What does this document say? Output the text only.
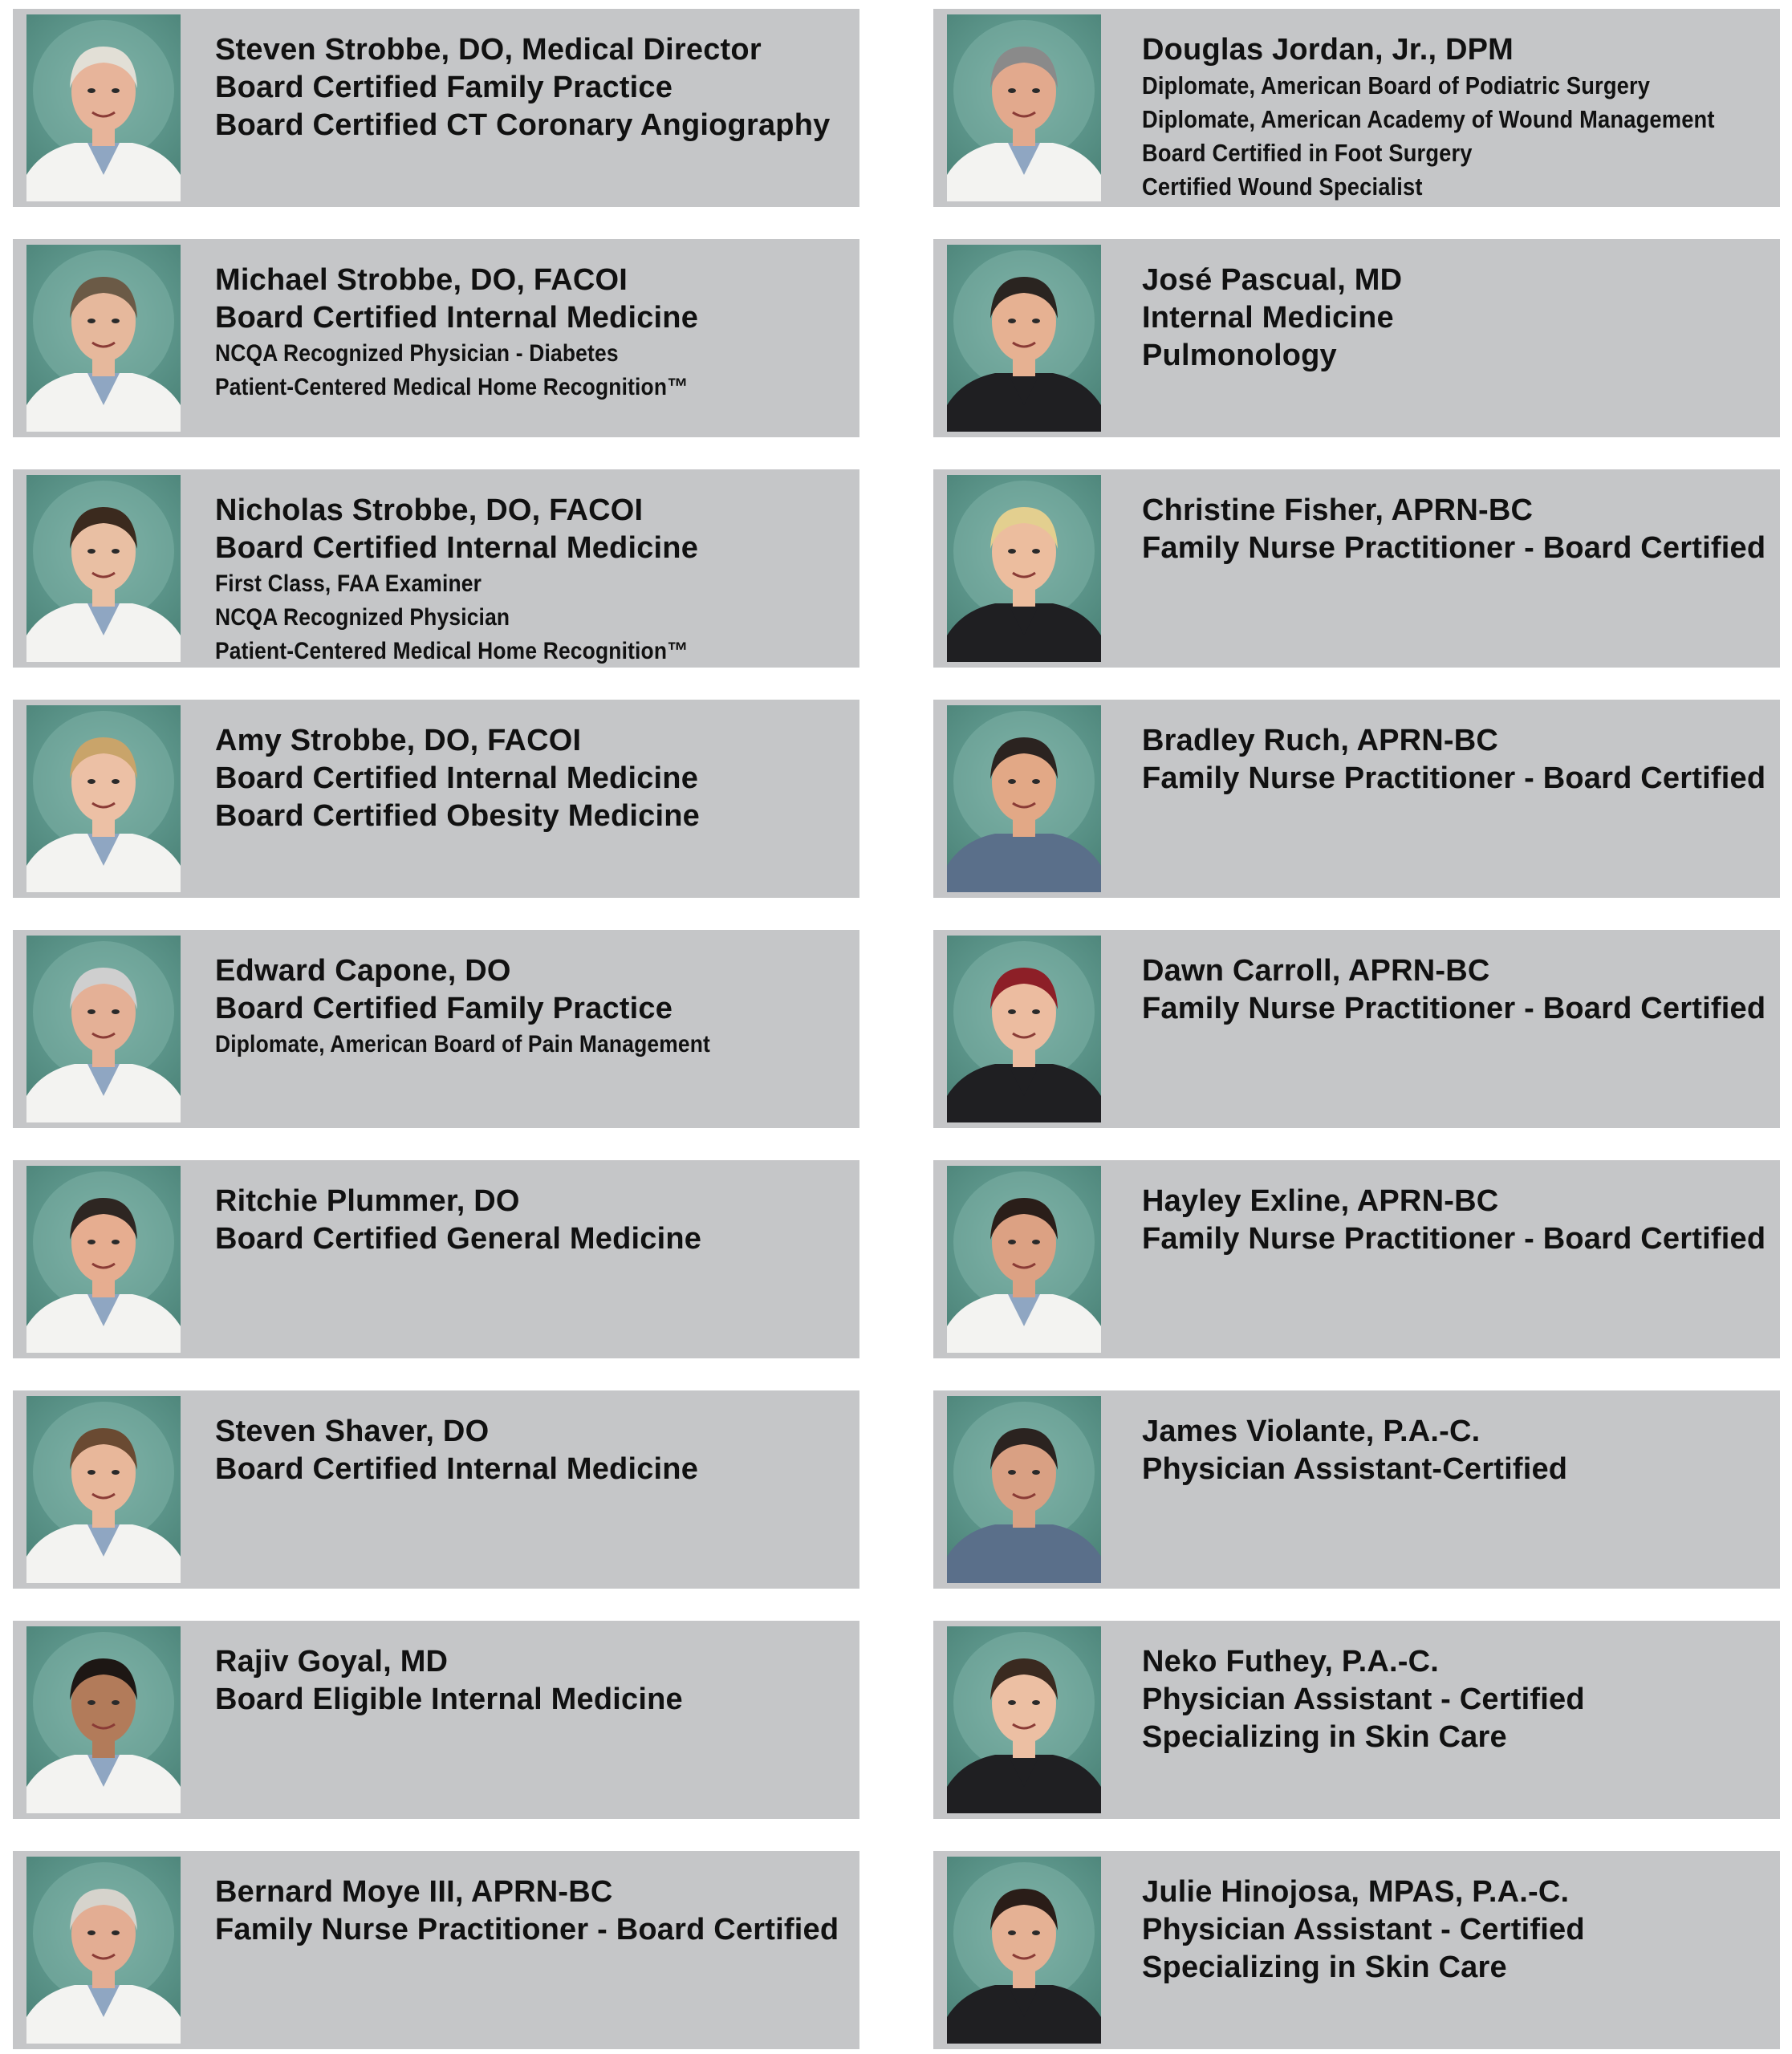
Steven Strobbe, DO, Medical Director
Board Certified Family Practice
Board Certified CT Coronary Angiography
Michael Strobbe, DO, FACOI
Board Certified Internal Medicine
NCQA Recognized Physician - Diabetes
Patient-Centered Medical Home Recognition™
Nicholas Strobbe, DO, FACOI
Board Certified Internal Medicine
First Class, FAA Examiner
NCQA Recognized Physician
Patient-Centered Medical Home Recognition™
Amy Strobbe, DO, FACOI
Board Certified Internal Medicine
Board Certified Obesity Medicine
Edward Capone, DO
Board Certified Family Practice
Diplomate, American Board of Pain Management
Ritchie Plummer, DO
Board Certified General Medicine
Steven Shaver, DO
Board Certified Internal Medicine
Rajiv Goyal, MD
Board Eligible Internal Medicine
Bernard Moye III, APRN-BC
Family Nurse Practitioner - Board Certified
Douglas Jordan, Jr., DPM
Diplomate, American Board of Podiatric Surgery
Diplomate, American Academy of Wound Management
Board Certified in Foot Surgery
Certified Wound Specialist
José Pascual, MD
Internal Medicine
Pulmonology
Christine Fisher, APRN-BC
Family Nurse Practitioner - Board Certified
Bradley Ruch, APRN-BC
Family Nurse Practitioner - Board Certified
Dawn Carroll, APRN-BC
Family Nurse Practitioner - Board Certified
Hayley Exline, APRN-BC
Family Nurse Practitioner - Board Certified
James Violante, P.A.-C.
Physician Assistant-Certified
Neko Futhey, P.A.-C.
Physician Assistant - Certified
Specializing in Skin Care
Julie Hinojosa, MPAS, P.A.-C.
Physician Assistant - Certified
Specializing in Skin Care
